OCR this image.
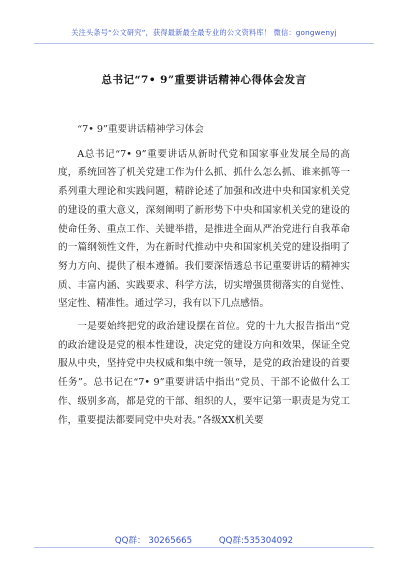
关注头条号“公文研究”，获得最新最全最专业的公文资料库！ 微信：gongwenyj
总书记“7• 9”重要讲话精神心得体会发言

“7• 9”重要讲话精神学习体会

A总书记“7• 9”重要讲话从新时代党和国家事业发展全局的高度，系统回答了机关党建工作为什么抓、抓什么怎么抓、谁来抓等一系列重大理论和实践问题，精辟论述了加强和改进中央和国家机关党的建设的重大意义，深刻阐明了新形势下中央和国家机关党的建设的使命任务、重点工作、关键举措，是推进全面从严治党进行自我革命的一篇纲领性文件，为在新时代推动中央和国家机关党的建设指明了努力方向、提供了根本遵循。我们要深悟透总书记重要讲话的精神实质、丰富内涵、实践要求、科学方法，切实增强贯彻落实的自觉性、坚定性、精准性。通过学习，我有以下几点感悟。

一是要始终把党的政治建设摆在首位。党的十九大报告指出“党的政治建设是党的根本性建设，决定党的建设方向和效果，保证全党服从中央，坚持党中央权威和集中统一领导，是党的政治建设的首要任务”。总书记在“7• 9”重要讲话中指出“党员、干部不论做什么工作、级别多高，都是党的干部、组织的人，要牢记第一职责是为党工作，重要提法都要同党中央对表。”各级XX机关要

QQ群： 30265665	QQ群:535304092
